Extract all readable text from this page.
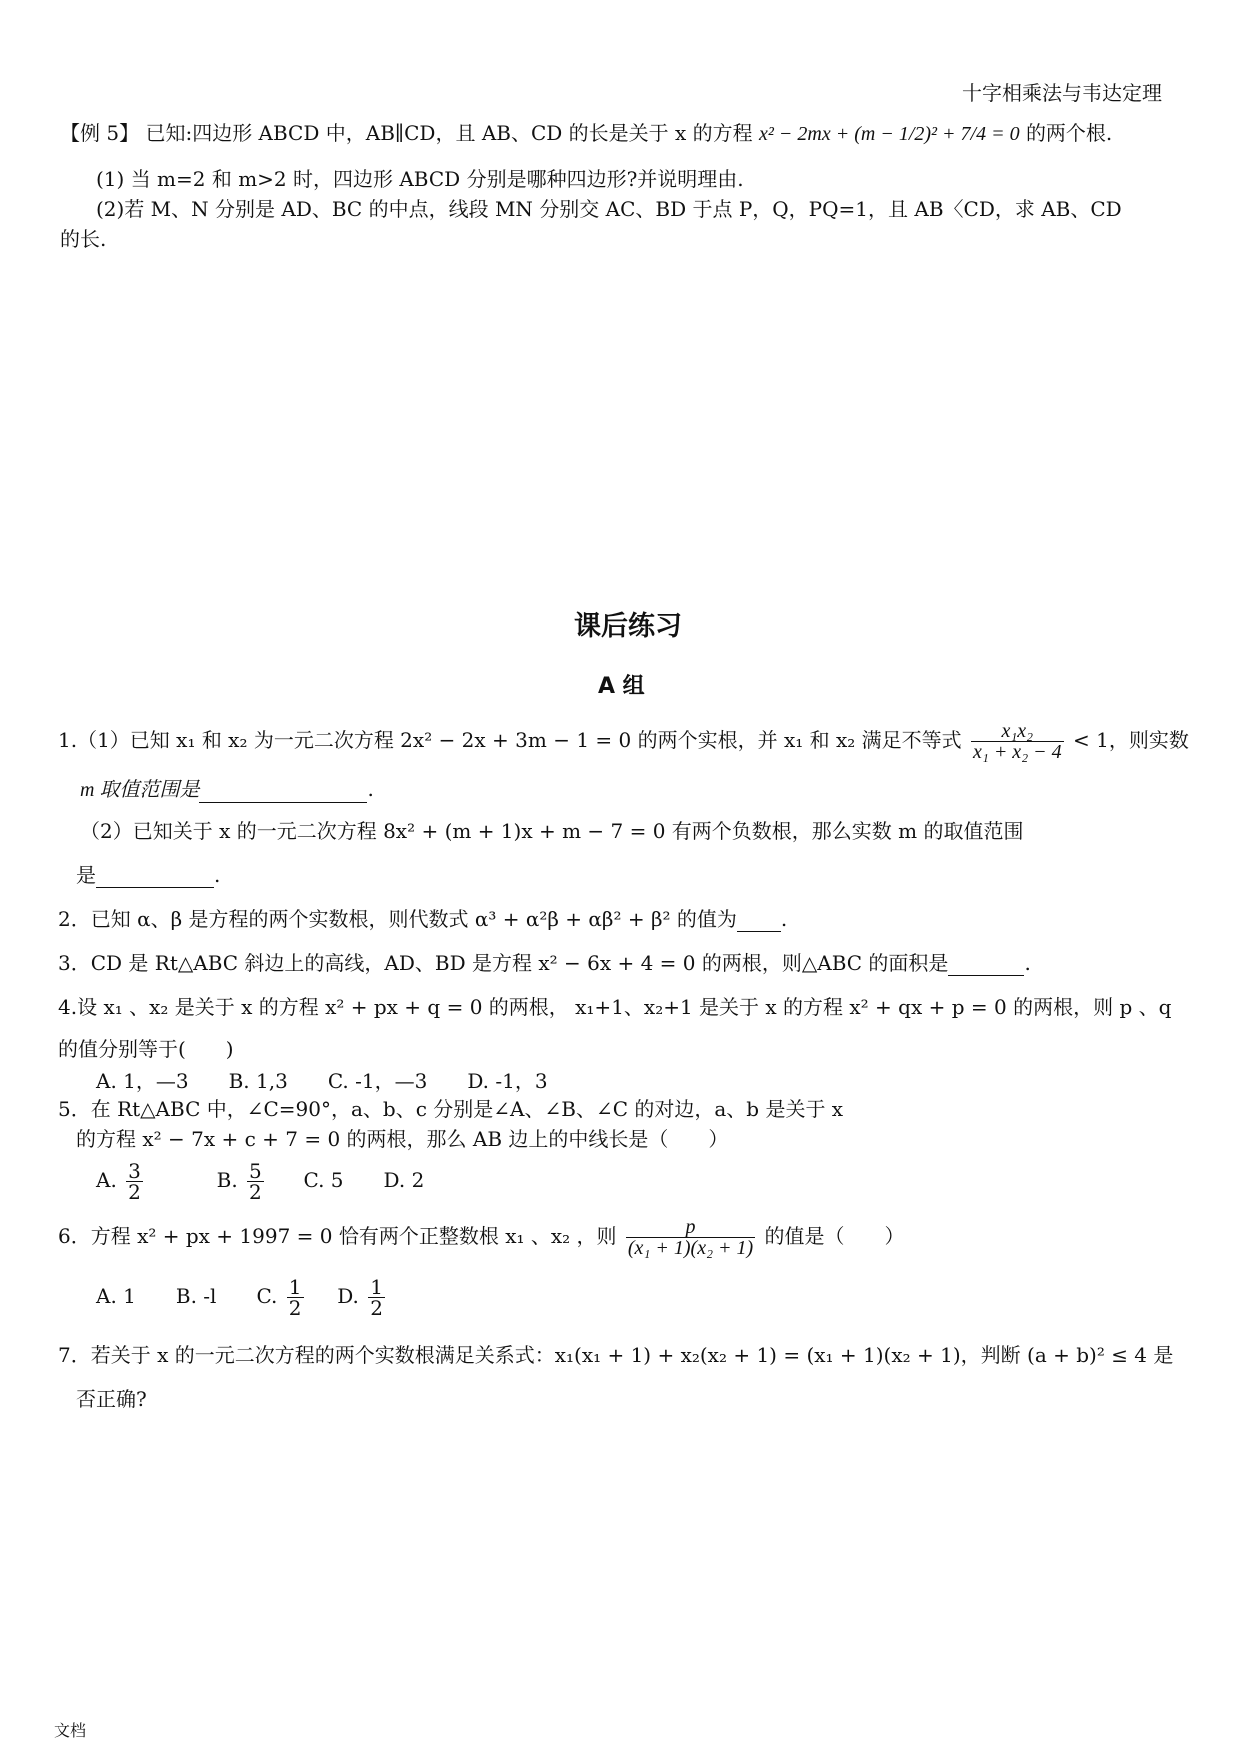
十字相乘法与韦达定理
【例 5】 已知:四边形 ABCD 中，AB∥CD，且 AB、CD 的长是关于 x 的方程 x² − 2mx + (m − 1/2)² + 7/4 = 0 的两个根.
(1) 当 m=2 和 m>2 时，四边形 ABCD 分别是哪种四边形?并说明理由.
(2)若 M、N 分别是 AD、BC 的中点，线段 MN 分别交 AC、BD 于点 P，Q，PQ=1，且 AB〈CD，求 AB、CD
的长.
课后练习
A 组
1.（1）已知 x₁ 和 x₂ 为一元二次方程 2x² − 2x + 3m − 1 = 0 的两个实根，并 x₁ 和 x₂ 满足不等式 $\frac{\text{x₁x₂}}{\text{x₁ + x₂ − 4}} < 1$，则实数
m 取值范围是	.
（2）已知关于 x 的一元二次方程 8x² + (m + 1)x + m − 7 = 0 有两个负数根，那么实数 m 的取值范围
是	.
2．已知 α、β 是方程的两个实数根，则代数式 α³ + α²β + αβ² + β² 的值为 .
3．CD 是 Rt△ABC 斜边上的高线，AD、BD 是方程 x² − 6x + 4 = 0 的两根，则△ABC 的面积是	.
4.设 x₁ 、x₂ 是关于 x 的方程 x² + px + q = 0 的两根， x₁+1、x₂+1 是关于 x 的方程 x² + qx + p = 0 的两根，则 p 、q
的值分别等于(　　)
A. 1，—3　　B. 1,3　　C. -1，—3　　D. -1，3
5．在 Rt△ABC 中，∠C=90°，a、b、c 分别是∠A、∠B、∠C 的对边，a、b 是关于 x
的方程 x² − 7x + c + 7 = 0 的两根，那么 AB 边上的中线长是（　　）
A. $\frac{3}{2}$	B. $\frac{5}{2} C$. 5　　D. 2
6．方程 x² + px + 1997 = 0 恰有两个正整数根 x₁ 、x₂ ，则 $\frac{p}{\text{(x₁ + 1)(x₂ + 1)}}$ 的值是（　　）
A. 1　　B. -l　　C. $\frac{1}{2} D$. $\frac{1}{2}$
7．若关于 x 的一元二次方程的两个实数根满足关系式：x₁(x₁ + 1) + x₂(x₂ + 1) = (x₁ + 1)(x₂ + 1)，判断 (a + b)² ≤ 4 是
否正确?
文档
